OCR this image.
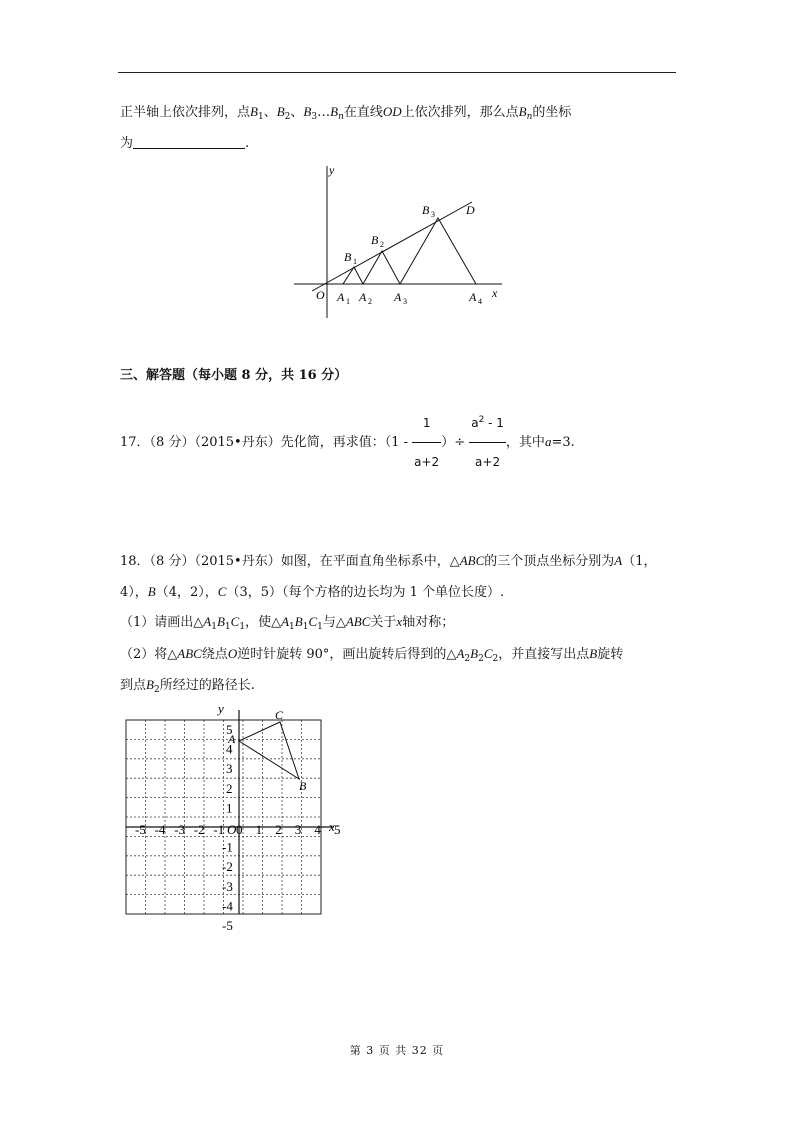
正半轴上依次排列，点$B_1$、$B_2$、$B_3\dots B_n$在直线OD上依次排列，那么点$B_n$的坐标
为	.
y
x
O
D
A 1 A 2 A 3	A 4
B 1
B 2
B 3
三、解答题（每小题 8 分，共 16 分）
17．（8 分）（2015•丹东）先化简，再求值：（$1 - \frac{1}{a+2}$ ）÷ $\frac{a^2 - 1}{a+2}$ ，其中a=3.
18．（8 分）（2015•丹东）如图，在平面直角坐标系中，△ABC的三个顶点坐标分别为A（1，
4），B（4，2），C（3，5）（每个方格的边长均为 1 个单位长度）.
（1）请画出$\triangle A_1B_1C_1$，使$\triangle A_1B_1C_1$与△ABC关于x轴对称；
（2）将△ABC绕点O逆时针旋转 90°，画出旋转后得到的$\triangle A_2B_2C_2$，并直接写出点B旋转
到点$B_2$所经过的路径长.
y
x
A
B
C
-5 -4 -3 -2 -1 0 1 2 3 4 5
5
4
3
2
1
-1
-2
-3
-4
-5
O
第 3 页 共 32 页
